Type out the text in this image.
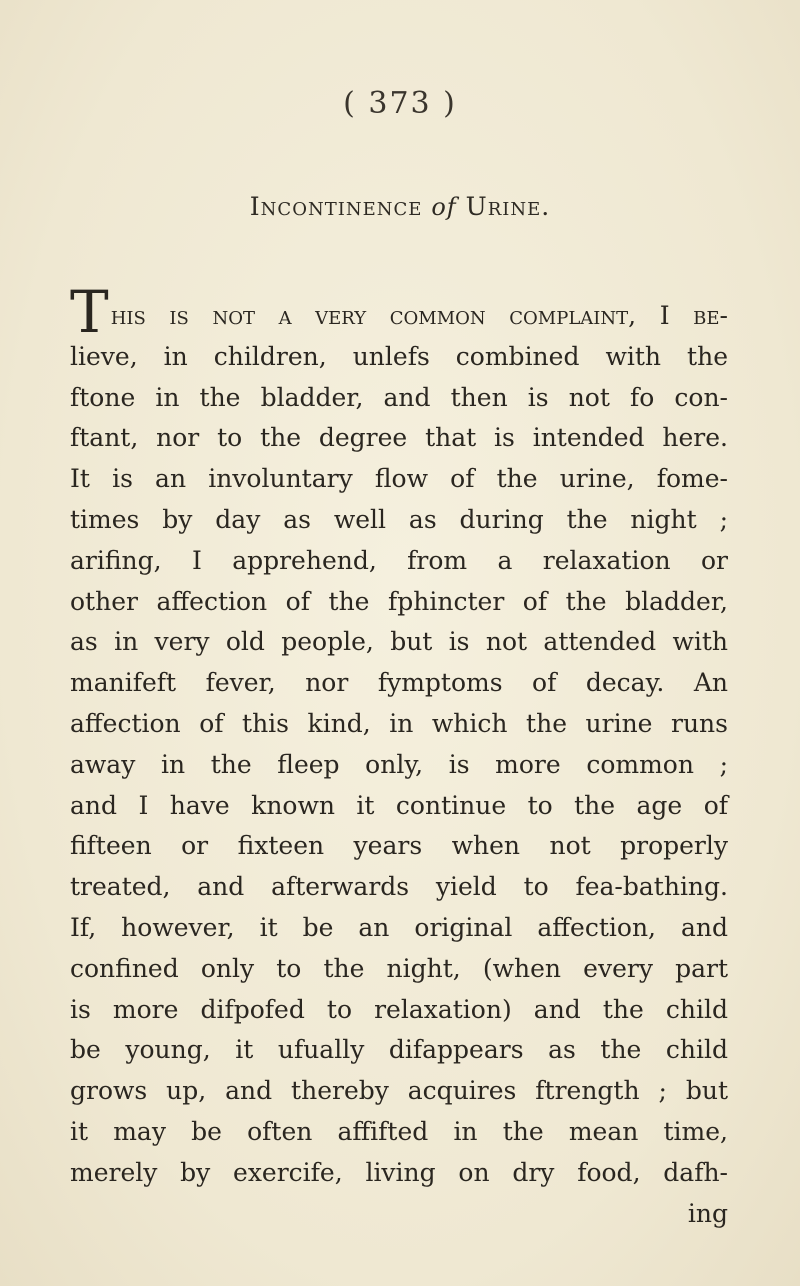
( 373 )
Incontinence of Urine.
This is not a very common complaint, I be-
lieve, in children, unlefs combined with the
ftone in the bladder, and then is not fo con-
ftant, nor to the degree that is intended here.
It is an involuntary flow of the urine, fome-
times by day as well as during the night ;
arifing, I apprehend, from a relaxation or
other affection of the fphincter of the bladder,
as in very old people, but is not attended with
manifeft fever, nor fymptoms of decay. An
affection of this kind, in which the urine runs
away in the fleep only, is more common ;
and I have known it continue to the age of
fifteen or fixteen years when not properly
treated, and afterwards yield to fea-bathing.
If, however, it be an original affection, and
confined only to the night, (when every part
is more difpofed to relaxation) and the child
be young, it ufually difappears as the child
grows up, and thereby acquires ftrength ; but
it may be often affifted in the mean time,
merely by exercife, living on dry food, dafh-
ing
